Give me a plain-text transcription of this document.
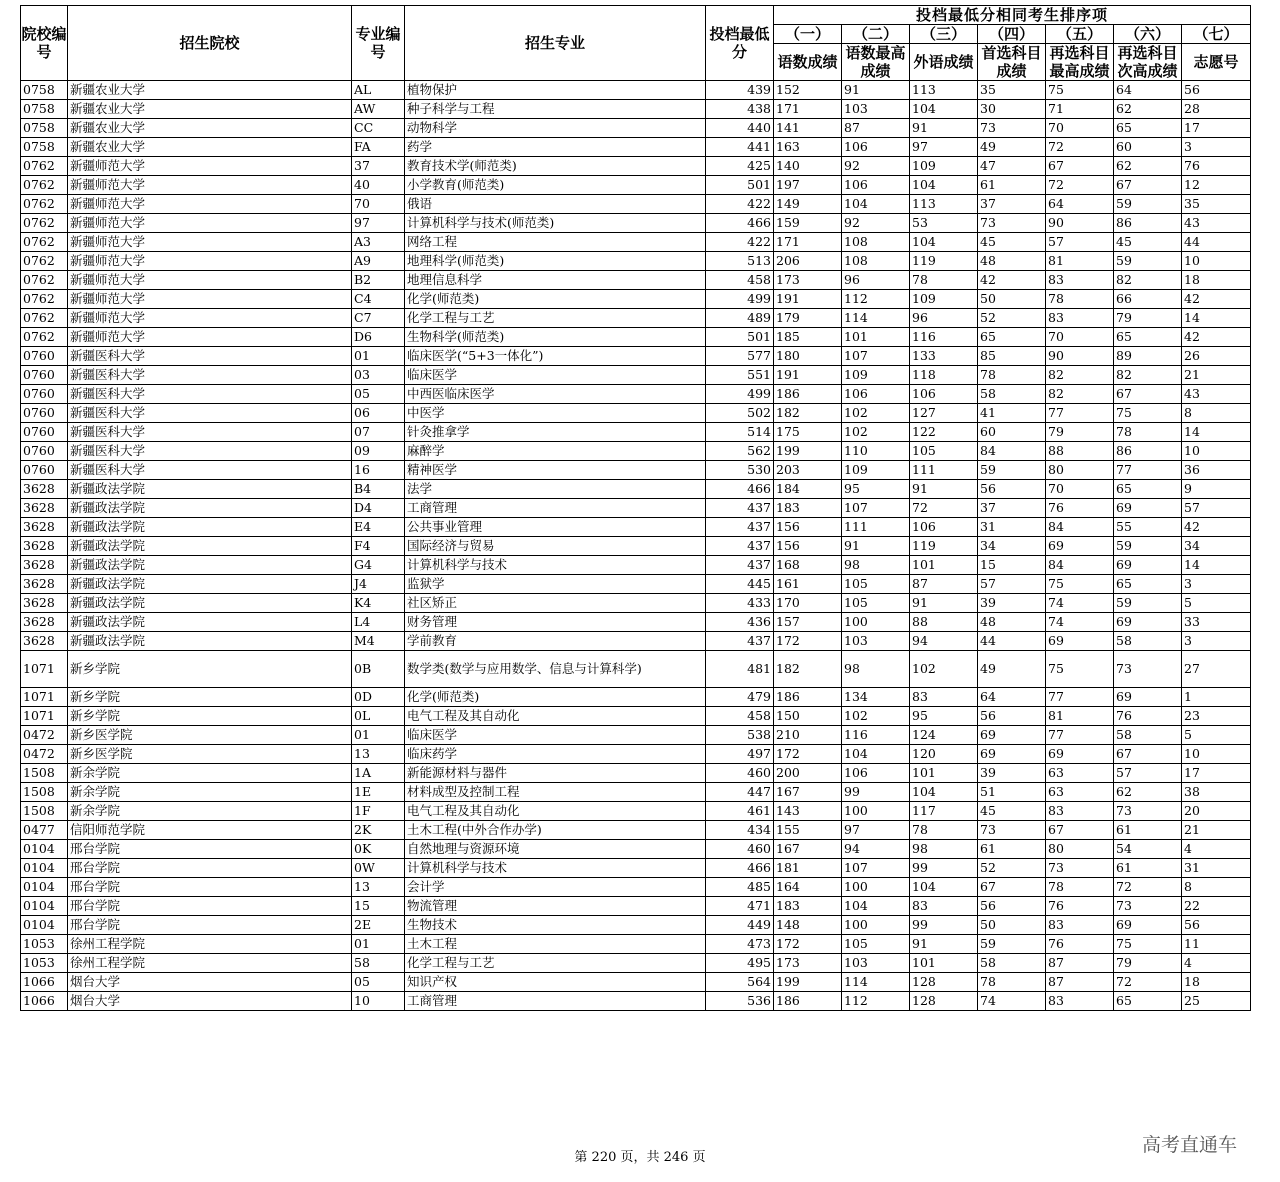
院校编号	招生院校	专业编号	招生专业	投档最低分	投档最低分相同考生排序项						
					（一）	（二）	（三）	（四）	（五）	（六）	（七）
					语数成绩	语数最高成绩	外语成绩	首选科目成绩	再选科目最高成绩	再选科目次高成绩	志愿号
0758	新疆农业大学	AL	植物保护	439	152	91	113	35	75	64	56
0758	新疆农业大学	AW	种子科学与工程	438	171	103	104	30	71	62	28
0758	新疆农业大学	CC	动物科学	440	141	87	91	73	70	65	17
0758	新疆农业大学	FA	药学	441	163	106	97	49	72	60	3
0762	新疆师范大学	37	教育技术学(师范类)	425	140	92	109	47	67	62	76
0762	新疆师范大学	40	小学教育(师范类)	501	197	106	104	61	72	67	12
0762	新疆师范大学	70	俄语	422	149	104	113	37	64	59	35
0762	新疆师范大学	97	计算机科学与技术(师范类)	466	159	92	53	73	90	86	43
0762	新疆师范大学	A3	网络工程	422	171	108	104	45	57	45	44
0762	新疆师范大学	A9	地理科学(师范类)	513	206	108	119	48	81	59	10
0762	新疆师范大学	B2	地理信息科学	458	173	96	78	42	83	82	18
0762	新疆师范大学	C4	化学(师范类)	499	191	112	109	50	78	66	42
0762	新疆师范大学	C7	化学工程与工艺	489	179	114	96	52	83	79	14
0762	新疆师范大学	D6	生物科学(师范类)	501	185	101	116	65	70	65	42
0760	新疆医科大学	01	临床医学(“5+3一体化”)	577	180	107	133	85	90	89	26
0760	新疆医科大学	03	临床医学	551	191	109	118	78	82	82	21
0760	新疆医科大学	05	中西医临床医学	499	186	106	106	58	82	67	43
0760	新疆医科大学	06	中医学	502	182	102	127	41	77	75	8
0760	新疆医科大学	07	针灸推拿学	514	175	102	122	60	79	78	14
0760	新疆医科大学	09	麻醉学	562	199	110	105	84	88	86	10
0760	新疆医科大学	16	精神医学	530	203	109	111	59	80	77	36
3628	新疆政法学院	B4	法学	466	184	95	91	56	70	65	9
3628	新疆政法学院	D4	工商管理	437	183	107	72	37	76	69	57
3628	新疆政法学院	E4	公共事业管理	437	156	111	106	31	84	55	42
3628	新疆政法学院	F4	国际经济与贸易	437	156	91	119	34	69	59	34
3628	新疆政法学院	G4	计算机科学与技术	437	168	98	101	15	84	69	14
3628	新疆政法学院	J4	监狱学	445	161	105	87	57	75	65	3
3628	新疆政法学院	K4	社区矫正	433	170	105	91	39	74	59	5
3628	新疆政法学院	L4	财务管理	436	157	100	88	48	74	69	33
3628	新疆政法学院	M4	学前教育	437	172	103	94	44	69	58	3
1071	新乡学院	0B	数学类(数学与应用数学、信息与计算科学)	481	182	98	102	49	75	73	27
1071	新乡学院	0D	化学(师范类)	479	186	134	83	64	77	69	1
1071	新乡学院	0L	电气工程及其自动化	458	150	102	95	56	81	76	23
0472	新乡医学院	01	临床医学	538	210	116	124	69	77	58	5
0472	新乡医学院	13	临床药学	497	172	104	120	69	69	67	10
1508	新余学院	1A	新能源材料与器件	460	200	106	101	39	63	57	17
1508	新余学院	1E	材料成型及控制工程	447	167	99	104	51	63	62	38
1508	新余学院	1F	电气工程及其自动化	461	143	100	117	45	83	73	20
0477	信阳师范学院	2K	土木工程(中外合作办学)	434	155	97	78	73	67	61	21
0104	邢台学院	0K	自然地理与资源环境	460	167	94	98	61	80	54	4
0104	邢台学院	0W	计算机科学与技术	466	181	107	99	52	73	61	31
0104	邢台学院	13	会计学	485	164	100	104	67	78	72	8
0104	邢台学院	15	物流管理	471	183	104	83	56	76	73	22
0104	邢台学院	2E	生物技术	449	148	100	99	50	83	69	56
1053	徐州工程学院	01	土木工程	473	172	105	91	59	76	75	11
1053	徐州工程学院	58	化学工程与工艺	495	173	103	101	58	87	79	4
1066	烟台大学	05	知识产权	564	199	114	128	78	87	72	18
1066	烟台大学	10	工商管理	536	186	112	128	74	83	65	25
第 220 页，共 246 页
高考直通车
